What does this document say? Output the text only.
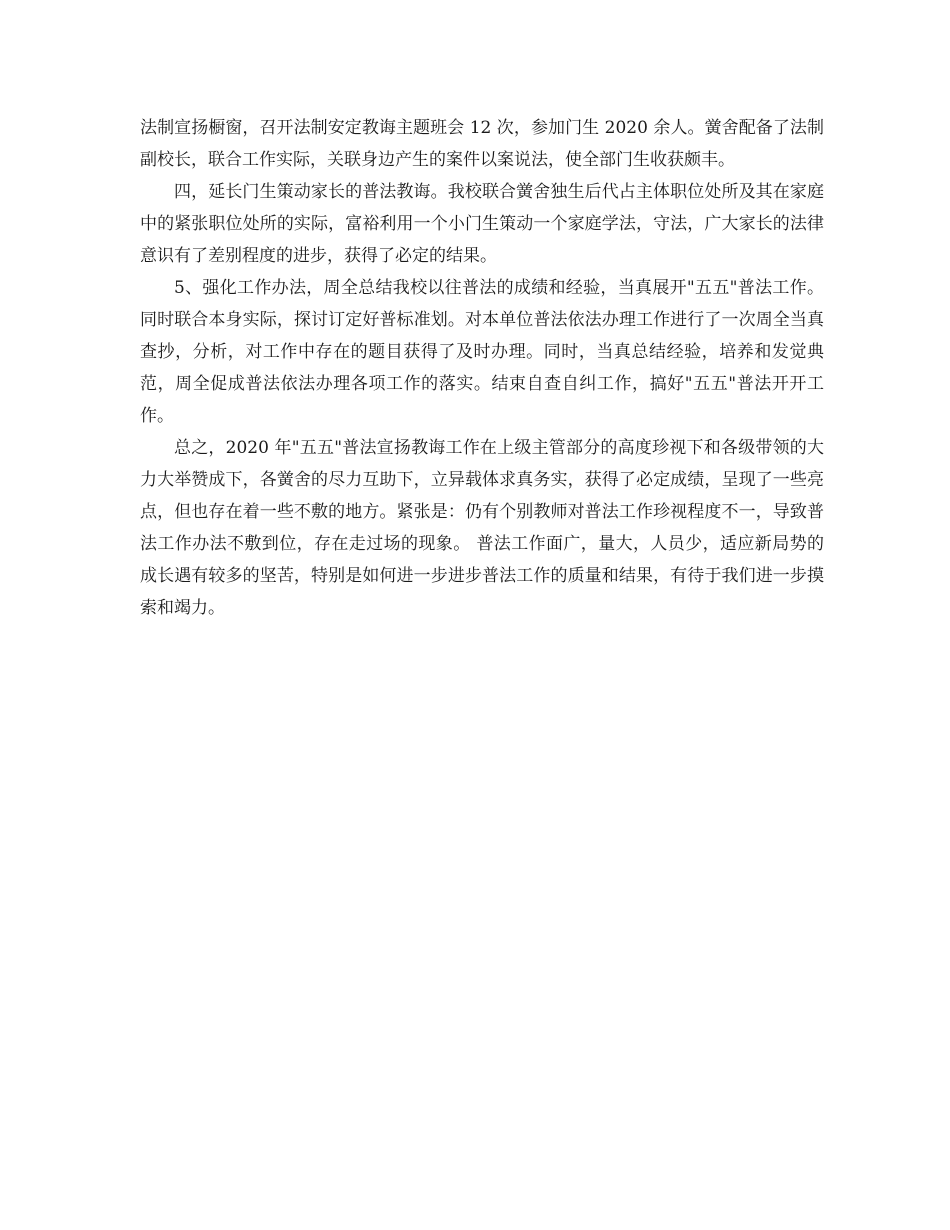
法制宣扬橱窗，召开法制安定教诲主题班会 12 次，参加门生 2020 余人。黉舍配备了法制副校长，联合工作实际，关联身边产生的案件以案说法，使全部门生收获颇丰。

四，延长门生策动家长的普法教诲。我校联合黉舍独生后代占主体职位处所及其在家庭中的紧张职位处所的实际，富裕利用一个小门生策动一个家庭学法，守法，广大家长的法律意识有了差别程度的进步，获得了必定的结果。

5、强化工作办法，周全总结我校以往普法的成绩和经验，当真展开"五五"普法工作。同时联合本身实际，探讨订定好普标准划。对本单位普法依法办理工作进行了一次周全当真查抄，分析，对工作中存在的题目获得了及时办理。同时，当真总结经验，培养和发觉典范，周全促成普法依法办理各项工作的落实。结束自查自纠工作，搞好"五五"普法开开工作。

总之，2020 年"五五"普法宣扬教诲工作在上级主管部分的高度珍视下和各级带领的大力大举赞成下，各黉舍的尽力互助下，立异载体求真务实，获得了必定成绩，呈现了一些亮点，但也存在着一些不敷的地方。紧张是：仍有个别教师对普法工作珍视程度不一，导致普法工作办法不敷到位，存在走过场的现象。 普法工作面广，量大，人员少，适应新局势的成长遇有较多的坚苦，特别是如何进一步进步普法工作的质量和结果，有待于我们进一步摸索和竭力。
